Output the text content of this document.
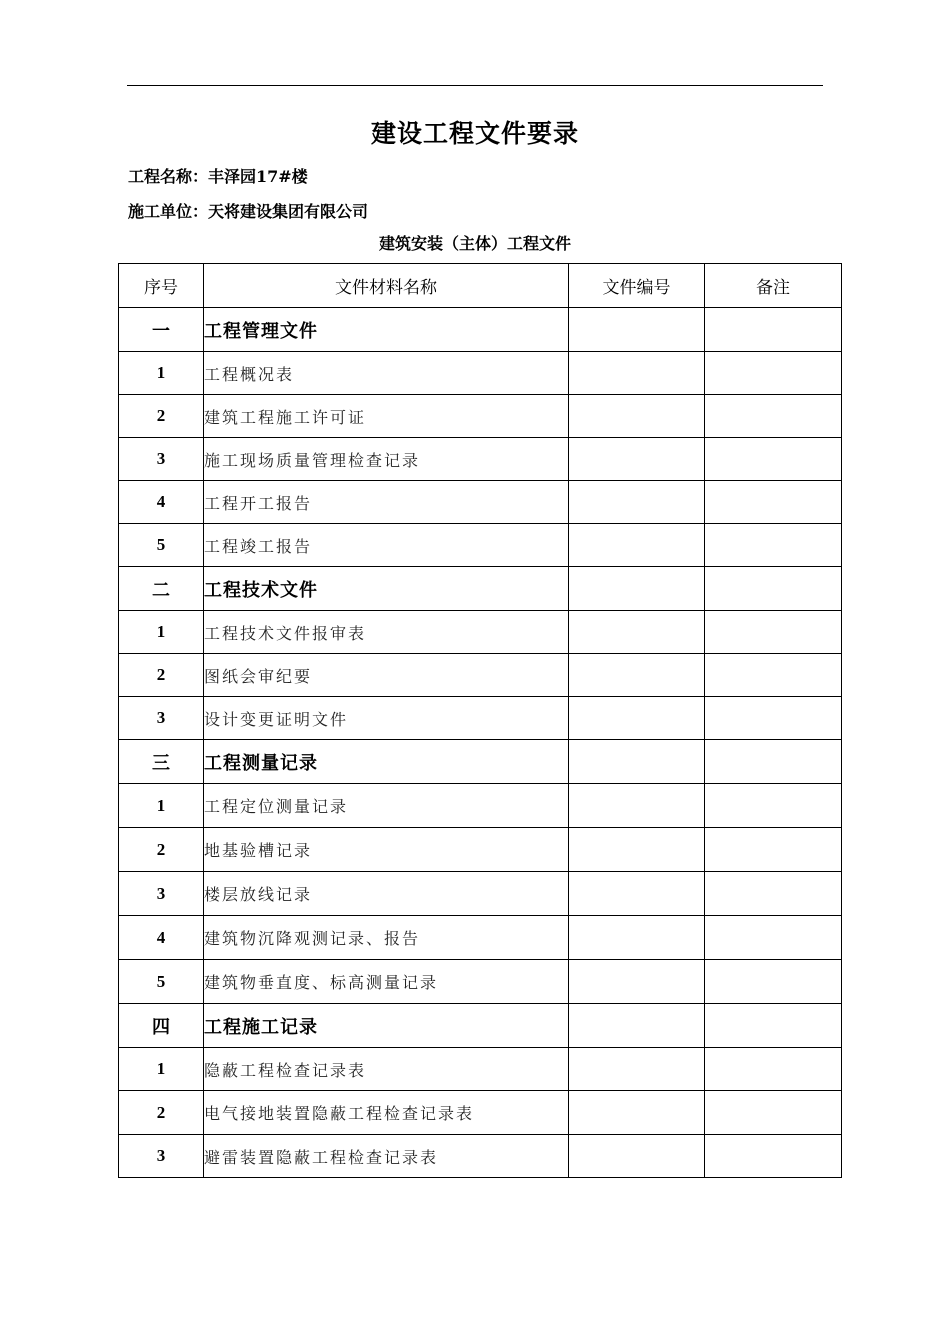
建设工程文件要录
工程名称：丰泽园17#楼
施工单位：天将建设集团有限公司
建筑安装（主体）工程文件
序号	文件材料名称	文件编号	备注
一	工程管理文件		
1	工程概况表		
2	建筑工程施工许可证		
3	施工现场质量管理检查记录		
4	工程开工报告		
5	工程竣工报告		
二	工程技术文件		
1	工程技术文件报审表		
2	图纸会审纪要		
3	设计变更证明文件		
三	工程测量记录		
1	工程定位测量记录		
2	地基验槽记录		
3	楼层放线记录		
4	建筑物沉降观测记录、报告		
5	建筑物垂直度、标高测量记录		
四	工程施工记录		
1	隐蔽工程检查记录表		
2	电气接地装置隐蔽工程检查记录表		
3	避雷装置隐蔽工程检查记录表		
